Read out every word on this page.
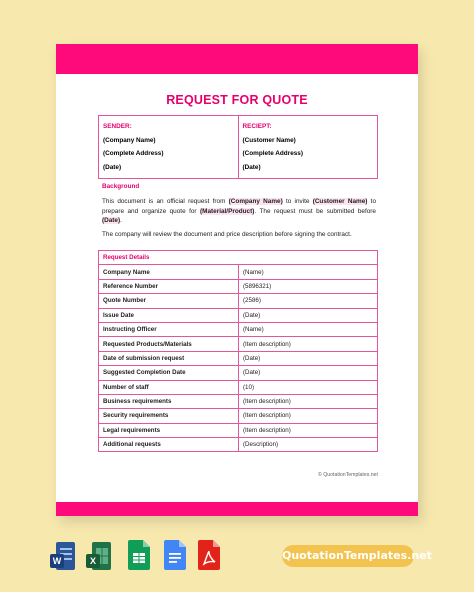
REQUEST FOR QUOTE
SENDER:
(Company Name)
(Complete Address)
(Date)

RECIEPT:
(Customer Name)
(Complete Address)
(Date)
Background
This document is an official request from (Company Name) to invite (Customer Name) to prepare and organize quote for (Material/Product). The request must be submitted before (Date).
The company will review the document and price description before signing the contract.
Request Details	
Company Name	(Name)
Reference Number	(5896321)
Quote Number	(2586)
Issue Date	(Date)
Instructing Officer	(Name)
Requested Products/Materials	(Item description)
Date of submission request	(Date)
Suggested Completion Date	(Date)
Number of staff	(10)
Business requirements	(Item description)
Security requirements	(Item description)
Legal requirements	(Item description)
Additional requests	(Description)
© QuotationTemplates.net
W	X	QuotationTemplates.net
